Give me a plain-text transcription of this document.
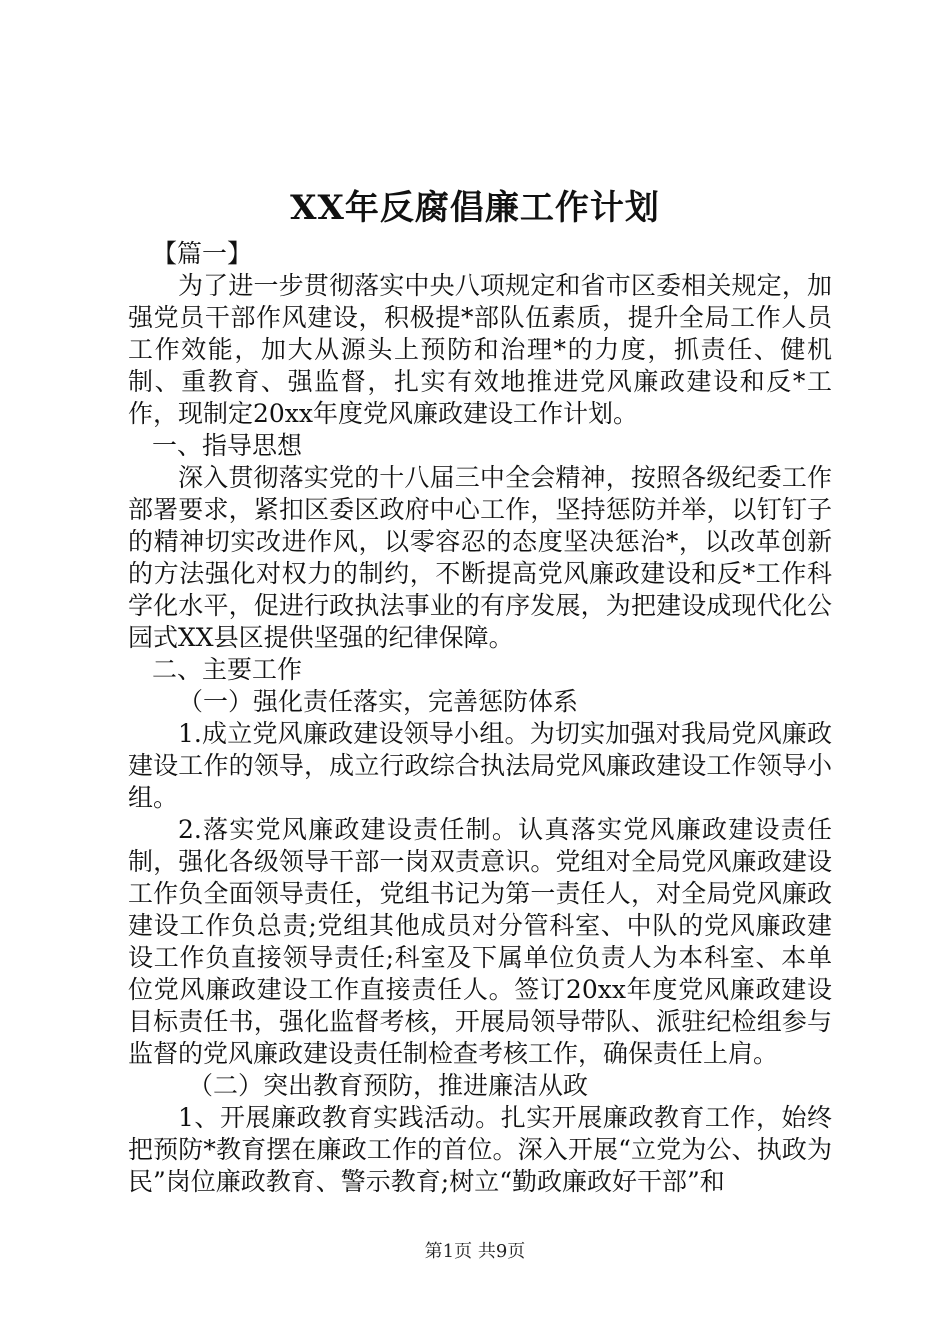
XX年反腐倡廉工作计划

【篇一】

为了进一步贯彻落实中央八项规定和省市区委相关规定，加强党员干部作风建设，积极提*部队伍素质，提升全局工作人员工作效能，加大从源头上预防和治理*的力度，抓责任、健机制、重教育、强监督，扎实有效地推进党风廉政建设和反*工作，现制定20xx年度党风廉政建设工作计划。

一、指导思想

深入贯彻落实党的十八届三中全会精神，按照各级纪委工作部署要求，紧扣区委区政府中心工作，坚持惩防并举，以钉钉子的精神切实改进作风，以零容忍的态度坚决惩治*，以改革创新的方法强化对权力的制约，不断提高党风廉政建设和反*工作科学化水平，促进行政执法事业的有序发展，为把建设成现代化公园式XX县区提供坚强的纪律保障。

二、主要工作

（一）强化责任落实，完善惩防体系

1.成立党风廉政建设领导小组。为切实加强对我局党风廉政建设工作的领导，成立行政综合执法局党风廉政建设工作领导小组。

2.落实党风廉政建设责任制。认真落实党风廉政建设责任制，强化各级领导干部一岗双责意识。党组对全局党风廉政建设工作负全面领导责任，党组书记为第一责任人，对全局党风廉政建设工作负总责;党组其他成员对分管科室、中队的党风廉政建设工作负直接领导责任;科室及下属单位负责人为本科室、本单位党风廉政建设工作直接责任人。签订20xx年度党风廉政建设目标责任书，强化监督考核，开展局领导带队、派驻纪检组参与监督的党风廉政建设责任制检查考核工作，确保责任上肩。

（二）突出教育预防，推进廉洁从政

1、开展廉政教育实践活动。扎实开展廉政教育工作，始终把预防*教育摆在廉政工作的首位。深入开展“立党为公、执政为民”岗位廉政教育、警示教育;树立“勤政廉政好干部”和

第1页 共9页
